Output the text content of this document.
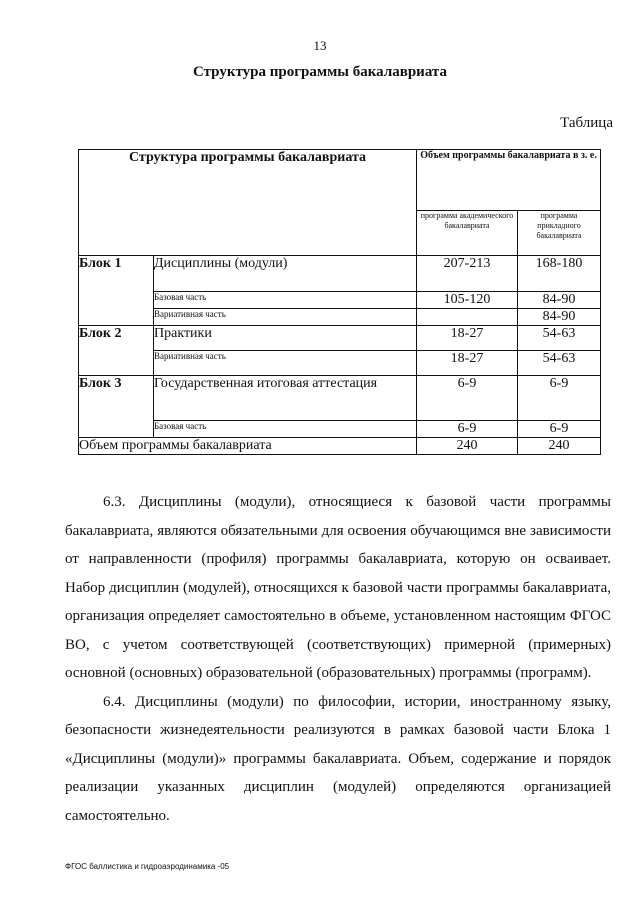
13
Структура программы бакалавриата
Таблица
Структура программы бакалавриата		Объем программы бакалавриата в з. е.	
		программа академического бакалавриата	программа прикладного бакалавриата
Блок 1	Дисциплины (модули)	207-213	168-180
	Базовая часть	105-120	84-90
	Вариативная часть		84-90
Блок 2	Практики	18-27	54-63
	Вариативная часть	18-27	54-63
Блок 3	Государственная итоговая аттестация	6-9	6-9
	Базовая часть	6-9	6-9
Объем программы бакалавриата		240	240

6.3. Дисциплины (модули), относящиеся к базовой части программы бакалавриата, являются обязательными для освоения обучающимся вне зависимости от направленности (профиля) программы бакалавриата, которую он осваивает. Набор дисциплин (модулей), относящихся к базовой части программы бакалавриата, организация определяет самостоятельно в объеме, установленном настоящим ФГОС ВО, с учетом соответствующей (соответствующих) примерной (примерных) основной (основных) образовательной (образовательных) программы (программ).

6.4. Дисциплины (модули) по философии, истории, иностранному языку, безопасности жизнедеятельности реализуются в рамках базовой части Блока 1 «Дисциплины (модули)» программы бакалавриата. Объем, содержание и порядок реализации указанных дисциплин (модулей) определяются организацией самостоятельно.

ФГОС баллистика и гидроаэродинамика -05
